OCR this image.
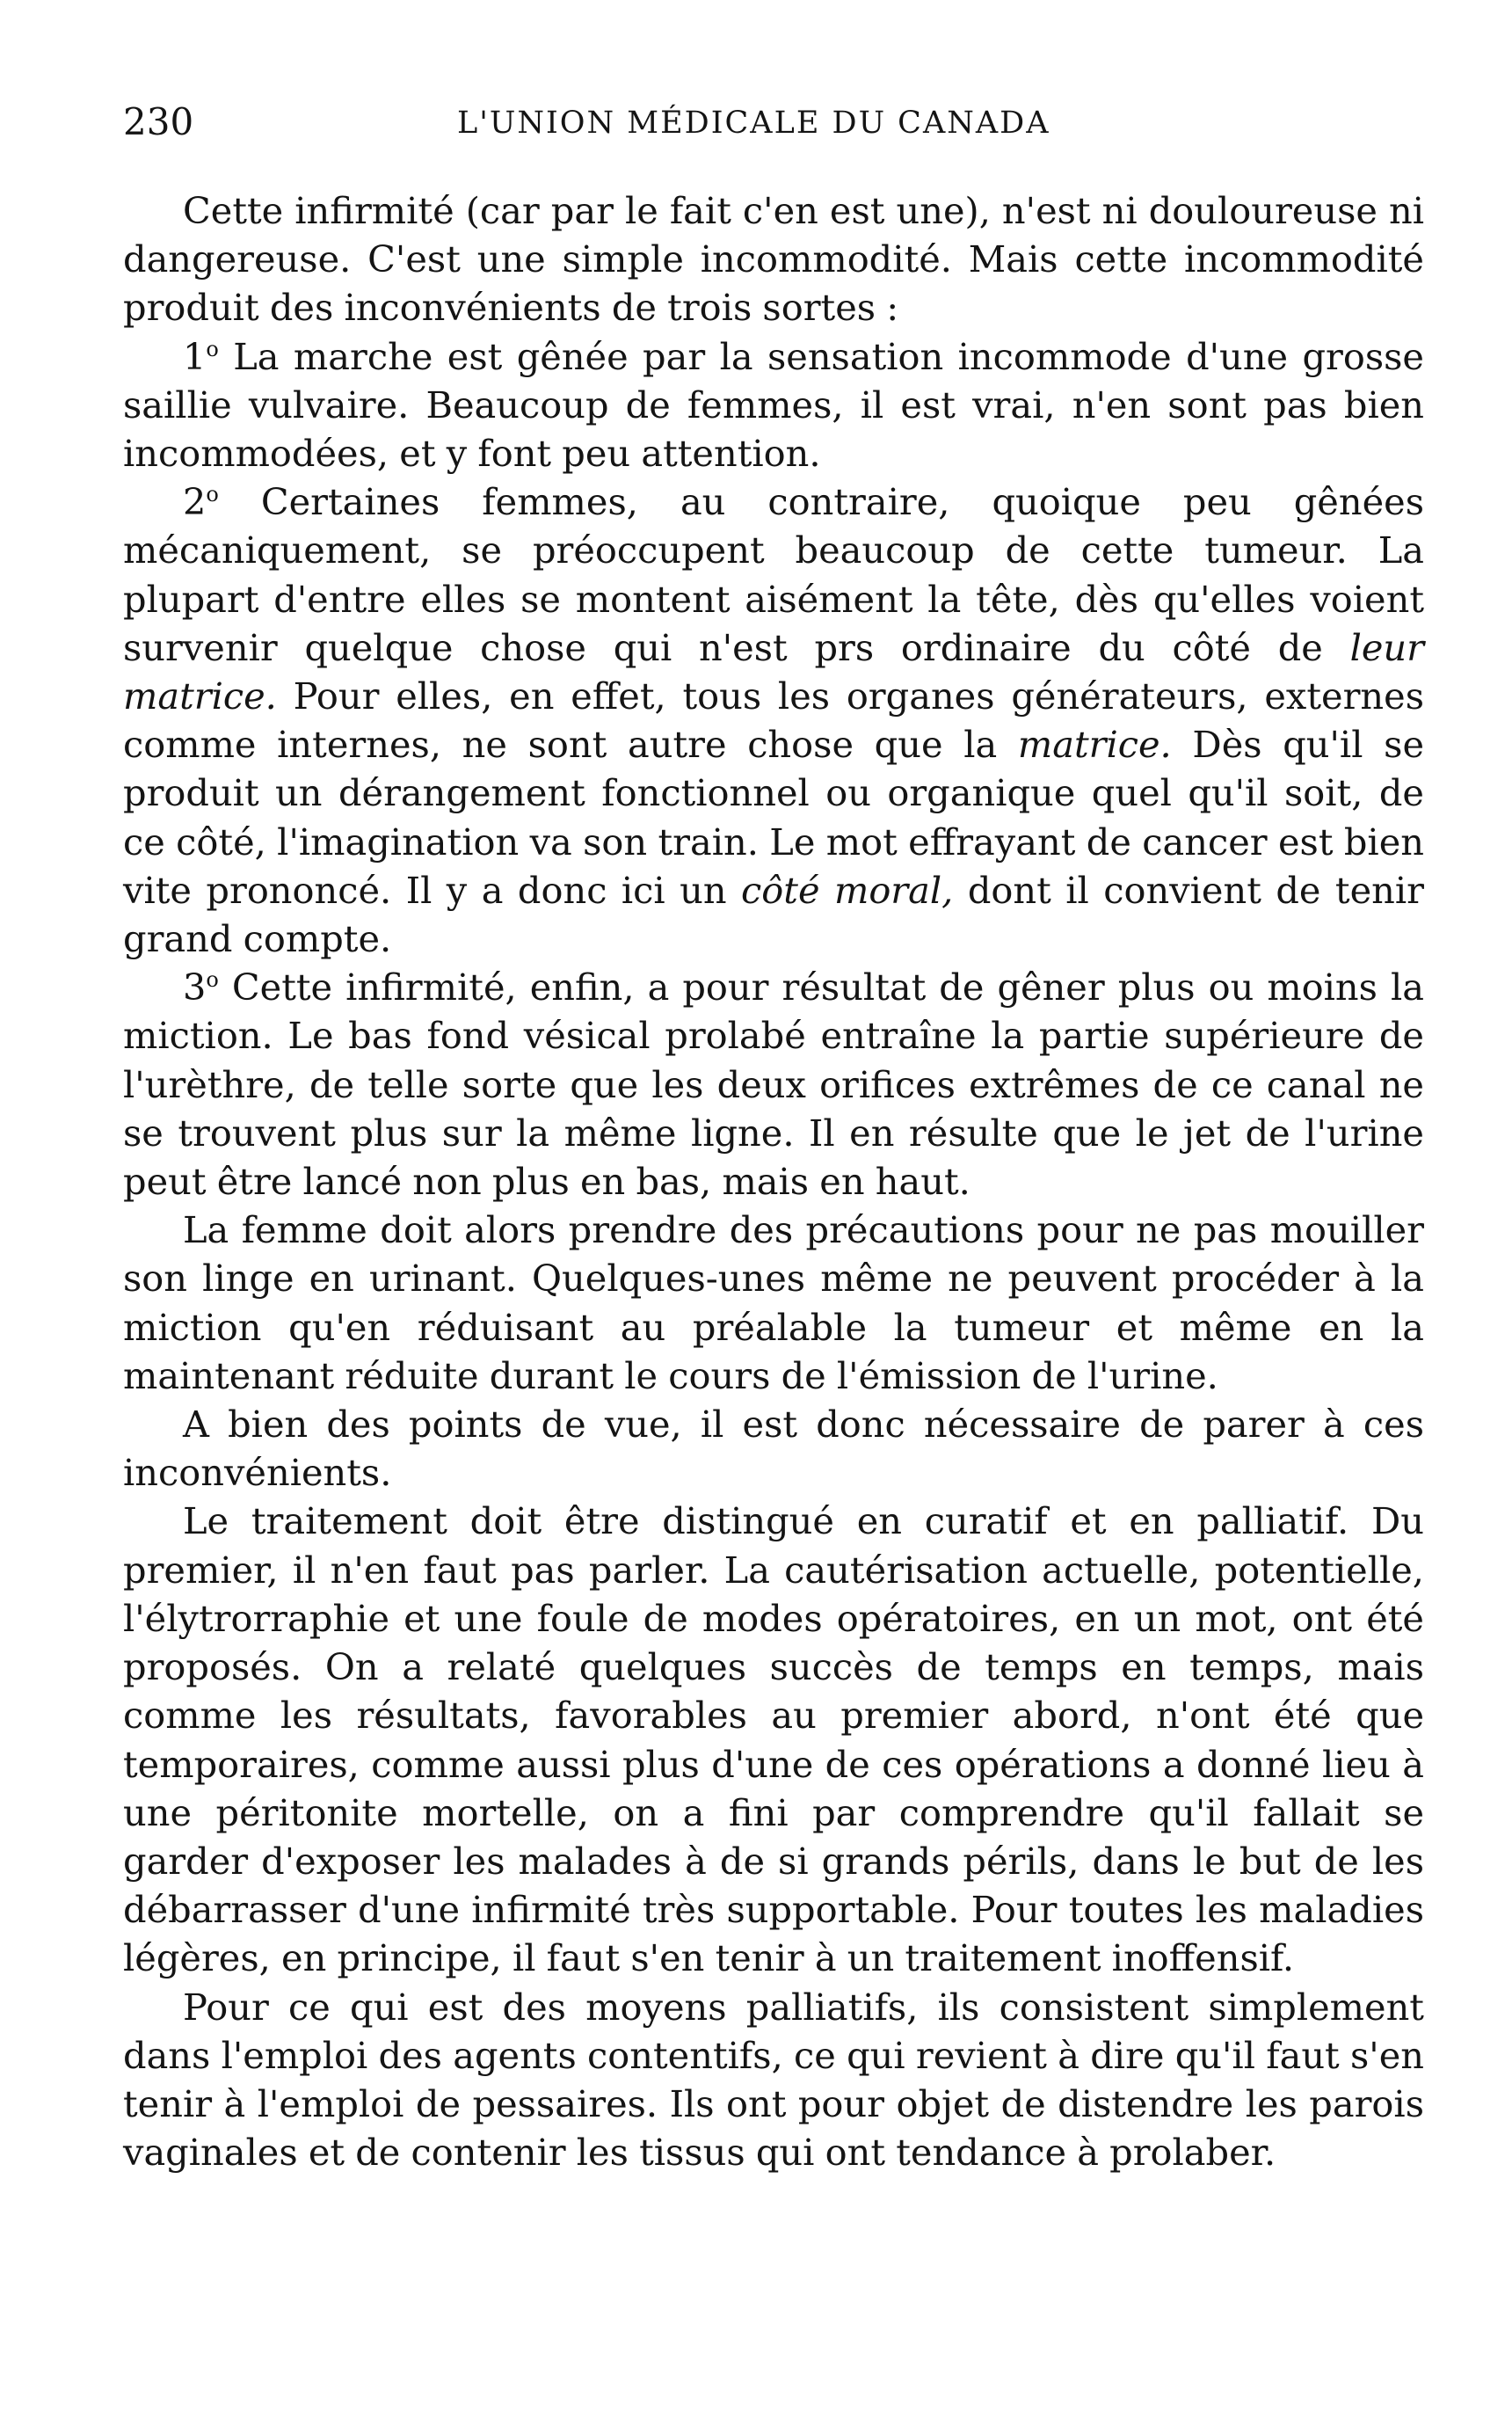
230	L'UNION MÉDICALE DU CANADA

Cette infirmité (car par le fait c'en est une), n'est ni douloureuse ni dangereuse. C'est une simple incommodité. Mais cette incommodité produit des inconvénients de trois sortes :

1$^o$ La marche est gênée par la sensation incommode d'une grosse saillie vulvaire. Beaucoup de femmes, il est vrai, n'en sont pas bien incommodées, et y font peu attention.

2$^o$ Certaines femmes, au contraire, quoique peu gênées mécaniquement, se préoccupent beaucoup de cette tumeur. La plupart d'entre elles se montent aisément la tête, dès qu'elles voient survenir quelque chose qui n'est prs ordinaire du côté de leur matrice. Pour elles, en effet, tous les organes générateurs, externes comme internes, ne sont autre chose que la matrice. Dès qu'il se produit un dérangement fonctionnel ou organique quel qu'il soit, de ce côté, l'imagination va son train. Le mot effrayant de cancer est bien vite prononcé. Il y a donc ici un côté moral, dont il convient de tenir grand compte.

3$^o$ Cette infirmité, enfin, a pour résultat de gêner plus ou moins la miction. Le bas fond vésical prolabé entraîne la partie supérieure de l'urèthre, de telle sorte que les deux orifices extrêmes de ce canal ne se trouvent plus sur la même ligne. Il en résulte que le jet de l'urine peut être lancé non plus en bas, mais en haut.

La femme doit alors prendre des précautions pour ne pas mouiller son linge en urinant. Quelques-unes même ne peuvent procéder à la miction qu'en réduisant au préalable la tumeur et même en la maintenant réduite durant le cours de l'émission de l'urine.

A bien des points de vue, il est donc nécessaire de parer à ces inconvénients.

Le traitement doit être distingué en curatif et en palliatif. Du premier, il n'en faut pas parler. La cautérisation actuelle, potentielle, l'élytrorraphie et une foule de modes opératoires, en un mot, ont été proposés. On a relaté quelques succès de temps en temps, mais comme les résultats, favorables au premier abord, n'ont été que temporaires, comme aussi plus d'une de ces opérations a donné lieu à une péritonite mortelle, on a fini par comprendre qu'il fallait se garder d'exposer les malades à de si grands périls, dans le but de les débarrasser d'une infirmité très supportable. Pour toutes les maladies légères, en principe, il faut s'en tenir à un traitement inoffensif.

Pour ce qui est des moyens palliatifs, ils consistent simplement dans l'emploi des agents contentifs, ce qui revient à dire qu'il faut s'en tenir à l'emploi de pessaires. Ils ont pour objet de distendre les parois vaginales et de contenir les tissus qui ont tendance à prolaber.
